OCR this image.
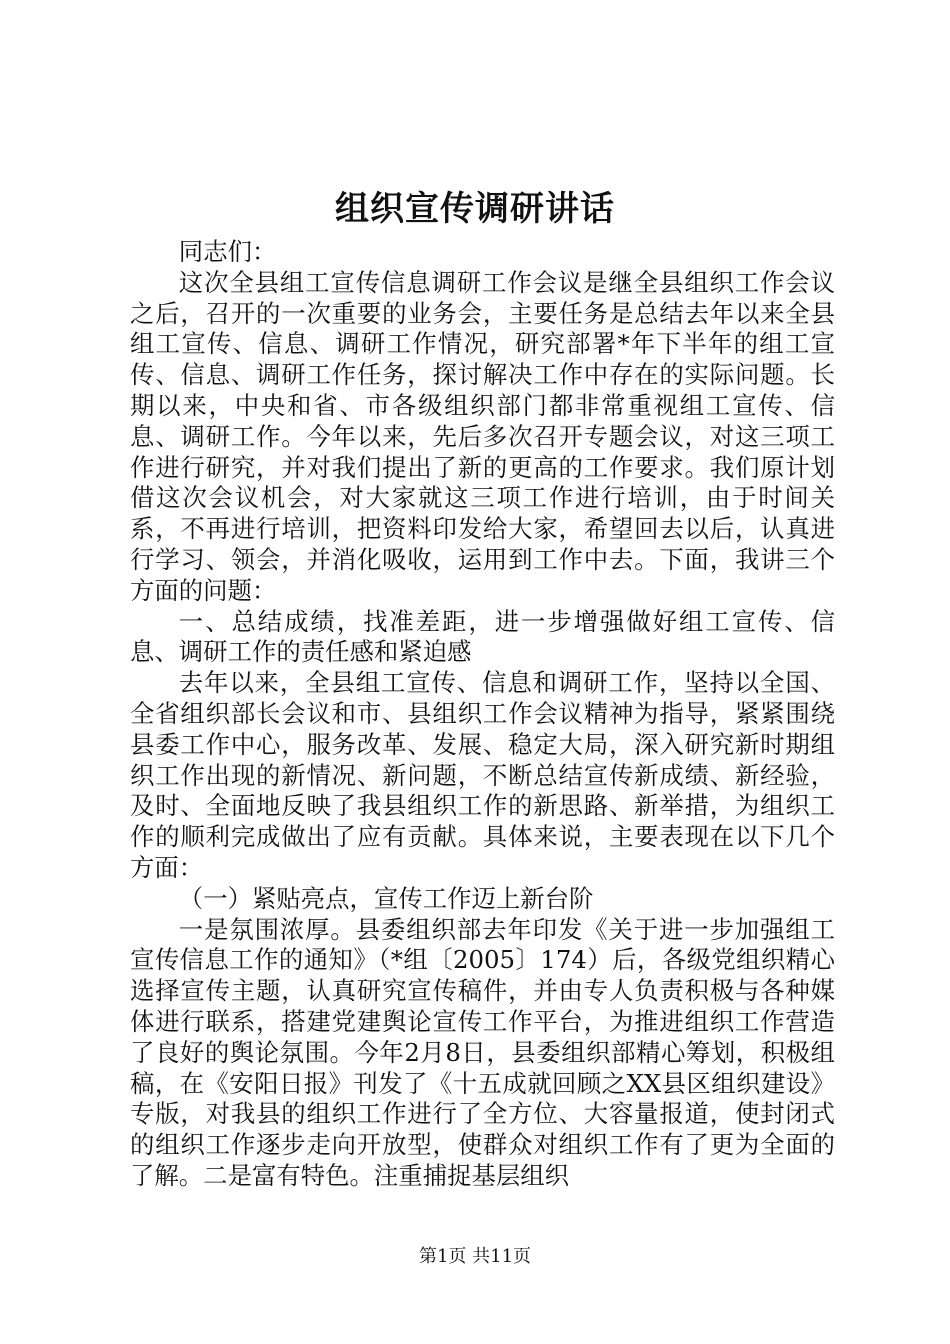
组织宣传调研讲话

同志们：

这次全县组工宣传信息调研工作会议是继全县组织工作会议之后，召开的一次重要的业务会，主要任务是总结去年以来全县组工宣传、信息、调研工作情况，研究部署*年下半年的组工宣传、信息、调研工作任务，探讨解决工作中存在的实际问题。长期以来，中央和省、市各级组织部门都非常重视组工宣传、信息、调研工作。今年以来，先后多次召开专题会议，对这三项工作进行研究，并对我们提出了新的更高的工作要求。我们原计划借这次会议机会，对大家就这三项工作进行培训，由于时间关系，不再进行培训，把资料印发给大家，希望回去以后，认真进行学习、领会，并消化吸收，运用到工作中去。下面，我讲三个方面的问题：

一、总结成绩，找准差距，进一步增强做好组工宣传、信息、调研工作的责任感和紧迫感

去年以来，全县组工宣传、信息和调研工作，坚持以全国、全省组织部长会议和市、县组织工作会议精神为指导，紧紧围绕县委工作中心，服务改革、发展、稳定大局，深入研究新时期组织工作出现的新情况、新问题，不断总结宣传新成绩、新经验，及时、全面地反映了我县组织工作的新思路、新举措，为组织工作的顺利完成做出了应有贡献。具体来说，主要表现在以下几个方面：

（一）紧贴亮点，宣传工作迈上新台阶

一是氛围浓厚。县委组织部去年印发《关于进一步加强组工宣传信息工作的通知》（*组〔2005〕174）后，各级党组织精心选择宣传主题，认真研究宣传稿件，并由专人负责积极与各种媒体进行联系，搭建党建舆论宣传工作平台，为推进组织工作营造了良好的舆论氛围。今年2月8日，县委组织部精心筹划，积极组稿，在《安阳日报》刊发了《十五成就回顾之XX县区组织建设》专版，对我县的组织工作进行了全方位、大容量报道，使封闭式的组织工作逐步走向开放型，使群众对组织工作有了更为全面的了解。二是富有特色。注重捕捉基层组织

第1页 共11页
